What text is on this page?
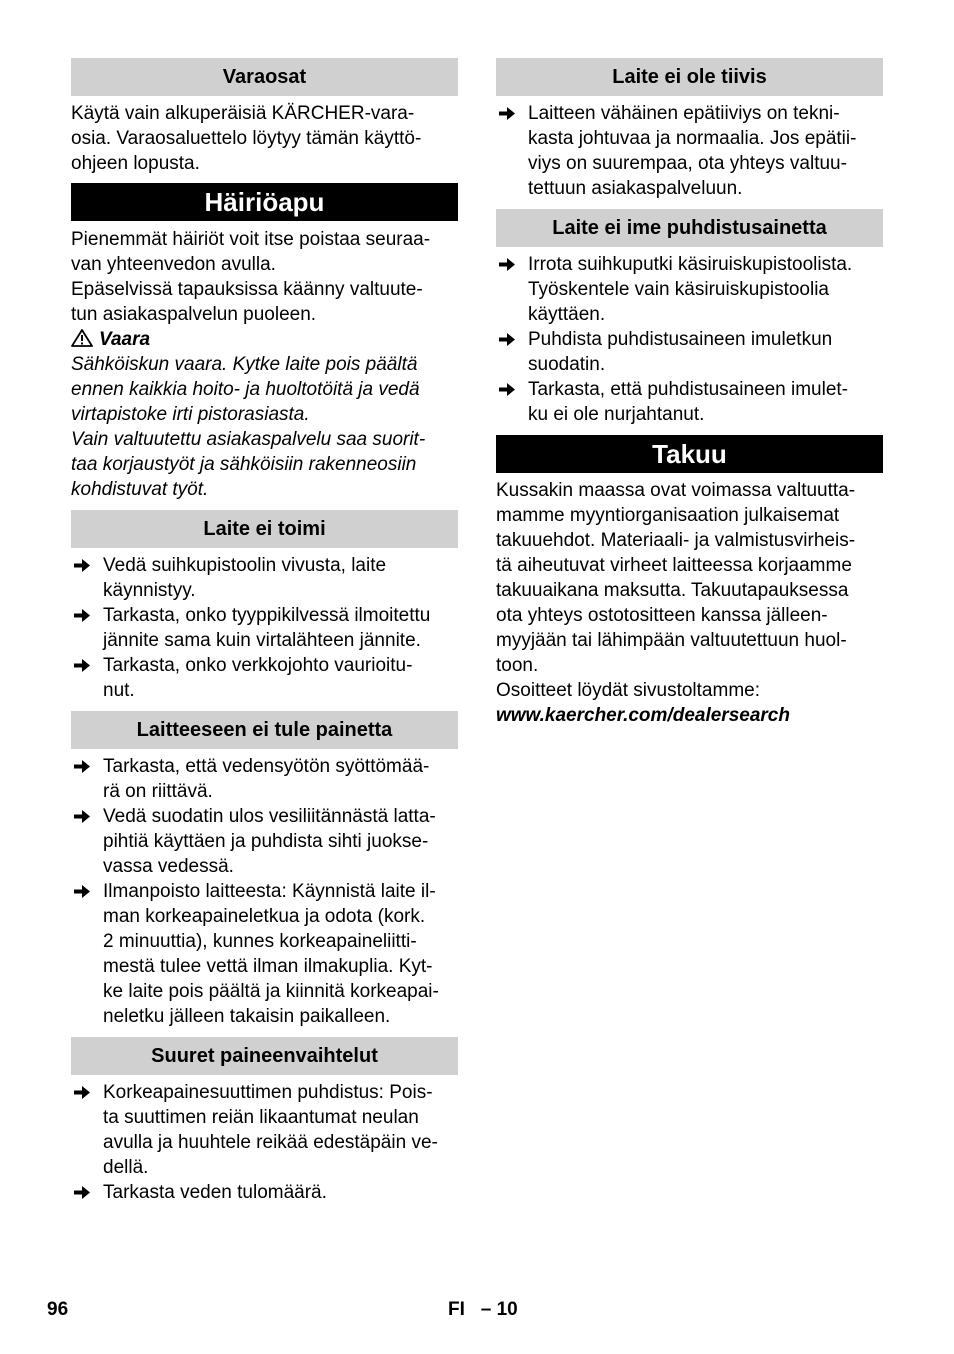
Varaosat
Käytä vain alkuperäisiä KÄRCHER-vara-
osia. Varaosaluettelo löytyy tämän käyttö-
ohjeen lopusta.
Häiriöapu
Pienemmät häiriöt voit itse poistaa seuraa-
van yhteenvedon avulla.
Epäselvissä tapauksissa käänny valtuute-
tun asiakaspalvelun puoleen.
Vaara
Sähköiskun vaara. Kytke laite pois päältä
ennen kaikkia hoito- ja huoltotöitä ja vedä
virtapistoke irti pistorasiasta.
Vain valtuutettu asiakaspalvelu saa suorit-
taa korjaustyöt ja sähköisiin rakenneosiin
kohdistuvat työt.
Laite ei toimi
Vedä suihkupistoolin vivusta, laite
käynnistyy.
Tarkasta, onko tyyppikilvessä ilmoitettu
jännite sama kuin virtalähteen jännite.
Tarkasta, onko verkkojohto vaurioitu-
nut.
Laitteeseen ei tule painetta
Tarkasta, että vedensyötön syöttömää-
rä on riittävä.
Vedä suodatin ulos vesiliitännästä latta-
pihtiä käyttäen ja puhdista sihti juokse-
vassa vedessä.
Ilmanpoisto laitteesta: Käynnistä laite il-
man korkeapaineletkua ja odota (kork.
2 minuuttia), kunnes korkeapaineliitti-
mestä tulee vettä ilman ilmakuplia. Kyt-
ke laite pois päältä ja kiinnitä korkeapai-
neletku jälleen takaisin paikalleen.
Suuret paineenvaihtelut
Korkeapainesuuttimen puhdistus: Pois-
ta suuttimen reiän likaantumat neulan
avulla ja huuhtele reikää edestäpäin ve-
dellä.
Tarkasta veden tulomäärä.
Laite ei ole tiivis
Laitteen vähäinen epätiiviys on tekni-
kasta johtuvaa ja normaalia. Jos epätii-
viys on suurempaa, ota yhteys valtuu-
tettuun asiakaspalveluun.
Laite ei ime puhdistusainetta
Irrota suihkuputki käsiruiskupistoolista.
Työskentele vain käsiruiskupistoolia
käyttäen.
Puhdista puhdistusaineen imuletkun
suodatin.
Tarkasta, että puhdistusaineen imulet-
ku ei ole nurjahtanut.
Takuu
Kussakin maassa ovat voimassa valtuutta-
mamme myyntiorganisaation julkaisemat
takuuehdot. Materiaali- ja valmistusvirheis-
tä aiheutuvat virheet laitteessa korjaamme
takuuaikana maksutta. Takuutapauksessa
ota yhteys ostotositteen kanssa jälleen-
myyjään tai lähimpään valtuutettuun huol-
toon.
Osoitteet löydät sivustoltamme:
www.kaercher.com/dealersearch
96	FI   – 10
